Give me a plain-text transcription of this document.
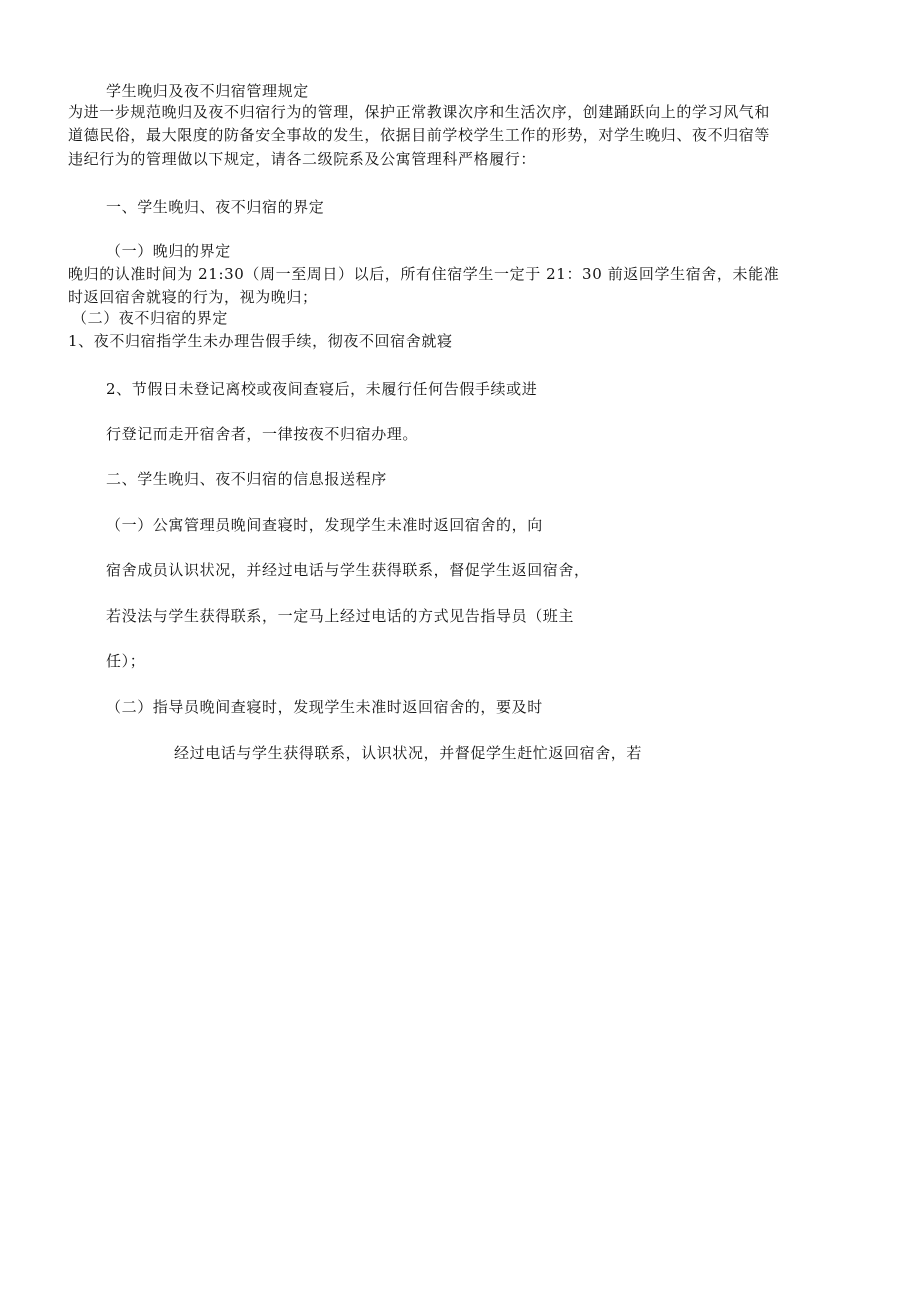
学生晚归及夜不归宿管理规定
为进一步规范晚归及夜不归宿行为的管理，保护正常教课次序和生活次序，创建踊跃向上的学习风气和
道德民俗，最大限度的防备安全事故的发生，依据目前学校学生工作的形势，对学生晚归、夜不归宿等
违纪行为的管理做以下规定，请各二级院系及公寓管理科严格履行：
一、学生晚归、夜不归宿的界定
（一）晚归的界定
晚归的认准时间为 21:30（周一至周日）以后，所有住宿学生一定于 21：30 前返回学生宿舍，未能准
时返回宿舍就寝的行为，视为晚归；
（二）夜不归宿的界定
1、夜不归宿指学生未办理告假手续，彻夜不回宿舍就寝
2、节假日未登记离校或夜间查寝后，未履行任何告假手续或进
行登记而走开宿舍者，一律按夜不归宿办理。
二、学生晚归、夜不归宿的信息报送程序
（一）公寓管理员晚间查寝时，发现学生未准时返回宿舍的，向
宿舍成员认识状况，并经过电话与学生获得联系，督促学生返回宿舍，
若没法与学生获得联系，一定马上经过电话的方式见告指导员（班主
任）；
（二）指导员晚间查寝时，发现学生未准时返回宿舍的，要及时
经过电话与学生获得联系，认识状况，并督促学生赶忙返回宿舍，若
